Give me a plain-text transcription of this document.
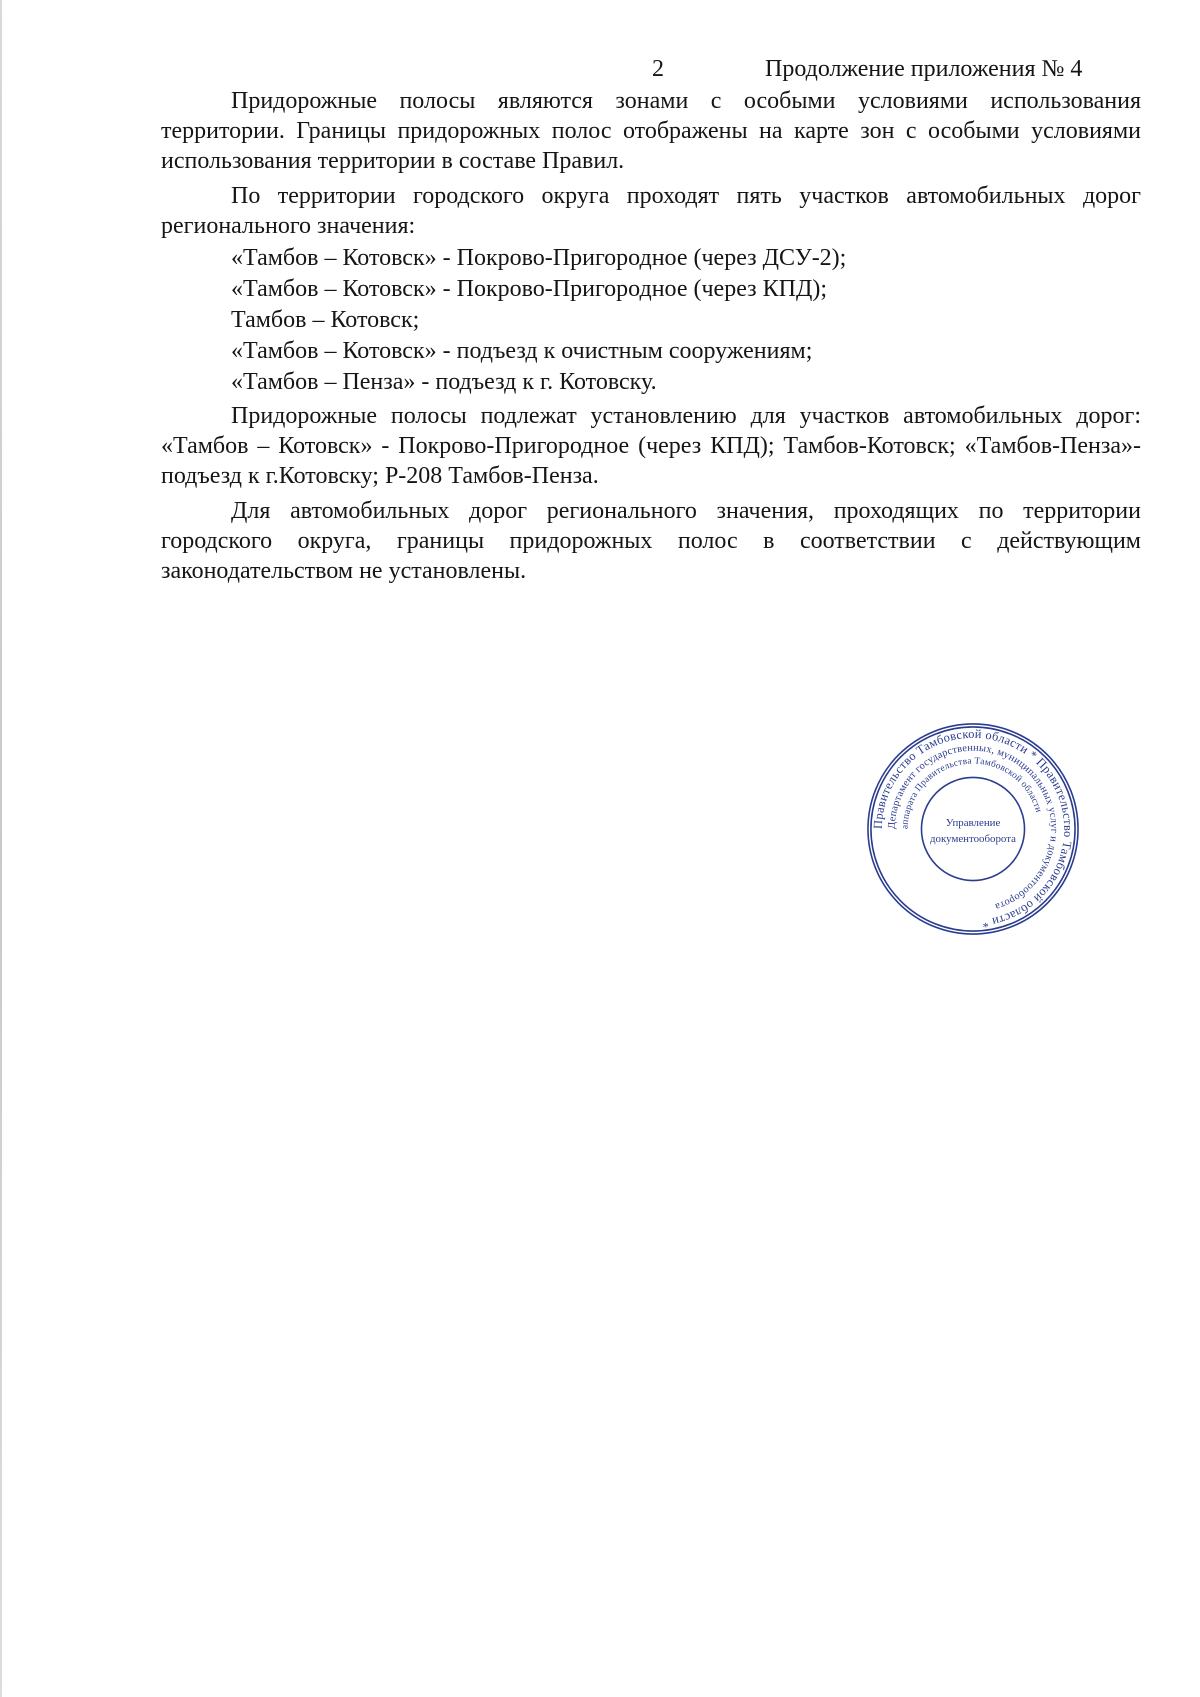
2	Продолжение приложения № 4

Придорожные полосы являются зонами с особыми условиями использования территории. Границы придорожных полос отображены на карте зон с особыми условиями использования территории в составе Правил.

По территории городского округа проходят пять участков автомобильных дорог регионального значения:

«Тамбов – Котовск» - Покрово-Пригородное (через ДСУ-2);
«Тамбов – Котовск» - Покрово-Пригородное (через КПД);
Тамбов – Котовск;
«Тамбов – Котовск» - подъезд к очистным сооружениям;
«Тамбов – Пенза» - подъезд к г. Котовску.

Придорожные полосы подлежат установлению для участков автомобильных дорог: «Тамбов – Котовск» - Покрово-Пригородное (через КПД); Тамбов-Котовск; «Тамбов-Пенза»-подъезд к г.Котовску; Р-208 Тамбов-Пенза.

Для автомобильных дорог регионального значения, проходящих по территории городского округа, границы придорожных полос в соответствии с действующим законодательством не установлены.

Правительство Тамбовской области * Правительство Тамбовской области *
Департамент государственных, муниципальных услуг и документооборота
аппарата Правительства Тамбовской области
Управление
документооборота
